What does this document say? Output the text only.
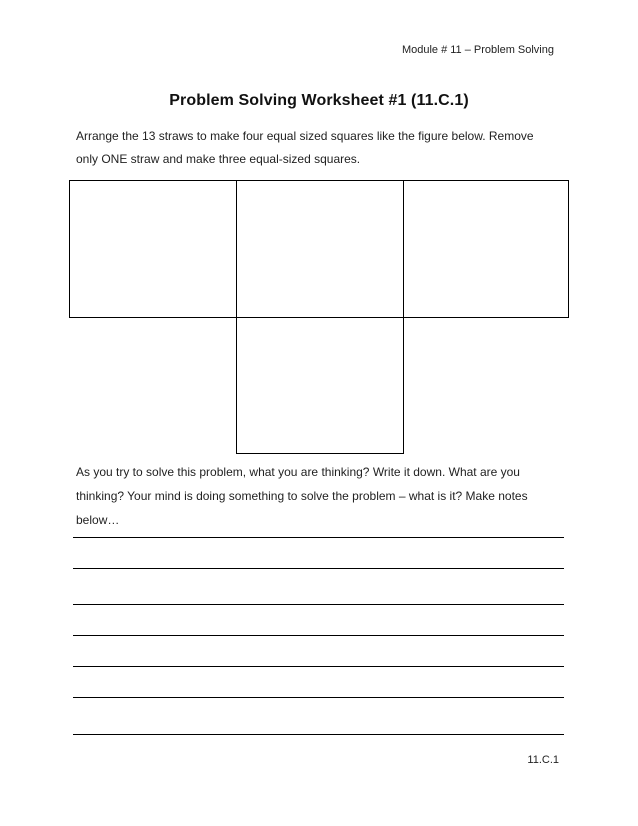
Module # 11 – Problem Solving
Problem Solving Worksheet #1 (11.C.1)
Arrange the 13 straws to make four equal sized squares like the figure below. Remove
only ONE straw and make three equal-sized squares.
As you try to solve this problem, what you are thinking? Write it down. What are you
thinking? Your mind is doing something to solve the problem – what is it? Make notes
below…
11.C.1
